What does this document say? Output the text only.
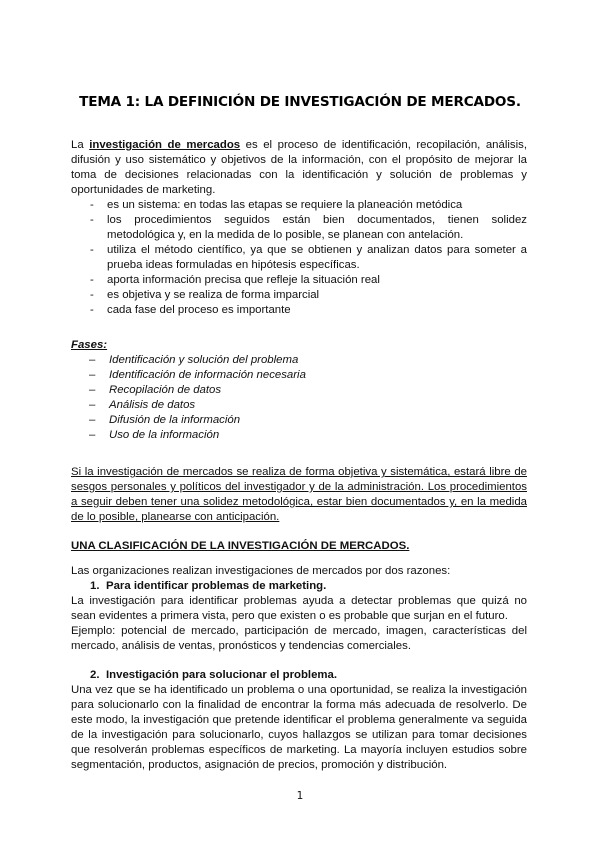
TEMA 1: LA DEFINICIÓN DE INVESTIGACIÓN DE MERCADOS.

La investigación de mercados es el proceso de identificación, recopilación, análisis, difusión y uso sistemático y objetivos de la información, con el propósito de mejorar la toma de decisiones relacionadas con la identificación y solución de problemas y oportunidades de marketing.

- es un sistema: en todas las etapas se requiere la planeación metódica
- los procedimientos seguidos están bien documentados, tienen solidez metodológica y, en la medida de lo posible, se planean con antelación.
- utiliza el método científico, ya que se obtienen y analizan datos para someter a prueba ideas formuladas en hipótesis específicas.
- aporta información precisa que refleje la situación real
- es objetiva y se realiza de forma imparcial
- cada fase del proceso es importante

Fases:

– Identificación y solución del problema
– Identificación de información necesaria
– Recopilación de datos
– Análisis de datos
– Difusión de la información
– Uso de la información

Si la investigación de mercados se realiza de forma objetiva y sistemática, estará libre de sesgos personales y políticos del investigador y de la administración. Los procedimientos a seguir deben tener una solidez metodológica, estar bien documentados y, en la medida de lo posible, planearse con anticipación.

UNA CLASIFICACIÓN DE LA INVESTIGACIÓN DE MERCADOS.

Las organizaciones realizan investigaciones de mercados por dos razones:

1. Para identificar problemas de marketing.

La investigación para identificar problemas ayuda a detectar problemas que quizá no sean evidentes a primera vista, pero que existen o es probable que surjan en el futuro.

Ejemplo: potencial de mercado, participación de mercado, imagen, características del mercado, análisis de ventas, pronósticos y tendencias comerciales.

2. Investigación para solucionar el problema.

Una vez que se ha identificado un problema o una oportunidad, se realiza la investigación para solucionarlo con la finalidad de encontrar la forma más adecuada de resolverlo. De este modo, la investigación que pretende identificar el problema generalmente va seguida de la investigación para solucionarlo, cuyos hallazgos se utilizan para tomar decisiones que resolverán problemas específicos de marketing. La mayoría incluyen estudios sobre segmentación, productos, asignación de precios, promoción y distribución.

1
